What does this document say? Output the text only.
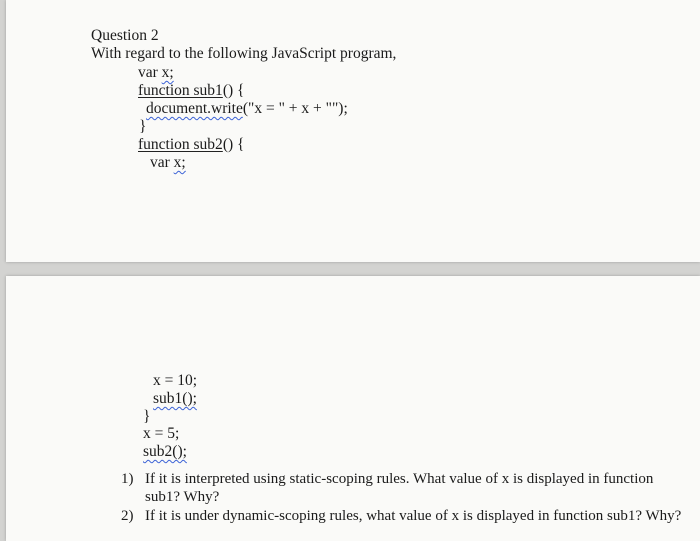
Question 2
With regard to the following JavaScript program,
var x;
function sub1() {
document.write("x = " + x + "");
}
function sub2() {
var x;
x = 10;
sub1();
}
x = 5;
sub2();
1) If it is interpreted using static-scoping rules. What value of x is displayed in function sub1? Why?
2) If it is under dynamic-scoping rules, what value of x is displayed in function sub1? Why?
